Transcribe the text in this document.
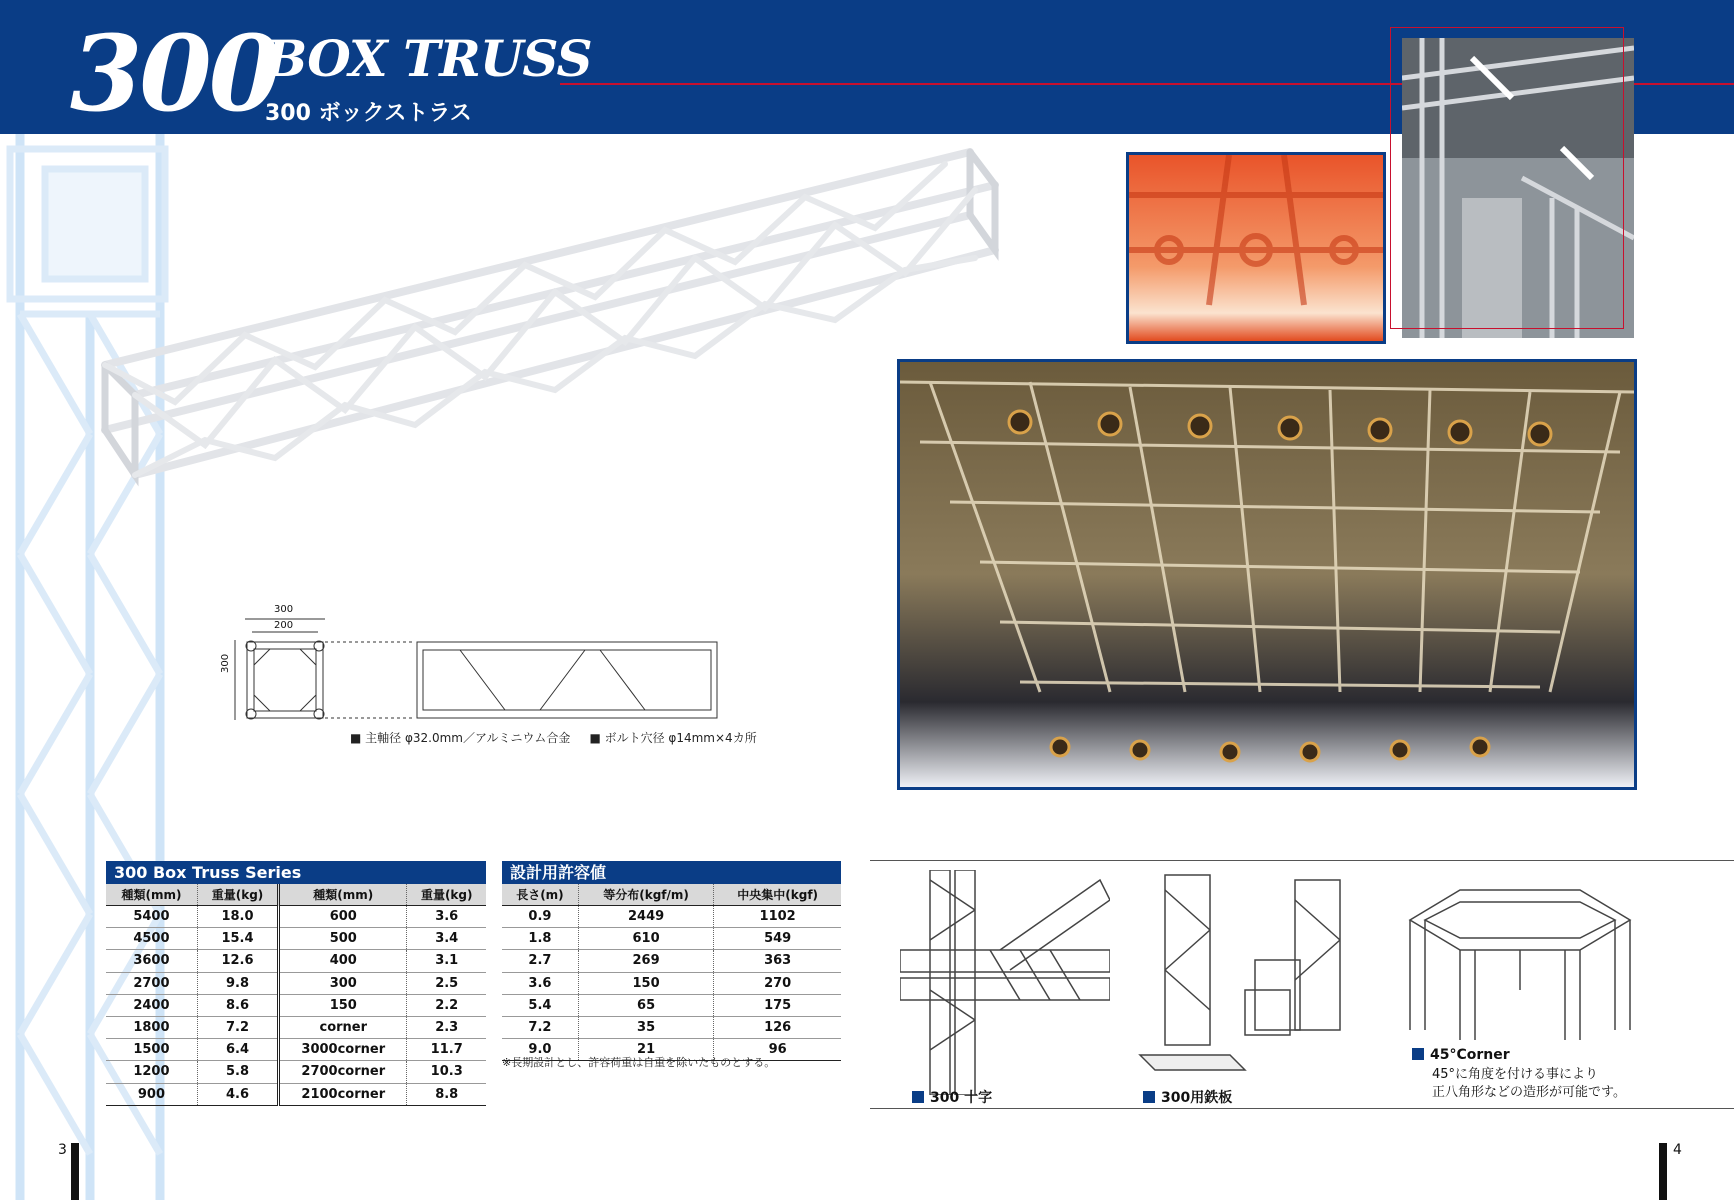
300
BOX TRUSS
300 ボックストラス
300
200
300
■ 主軸径 φ32.0mm／アルミニウム合金 ■ ボルト穴径 φ14mm×4カ所
300 Box Truss Series
種類(mm)	重量(kg)	種類(mm)	重量(kg)
5400	18.0	600	3.6
4500	15.4	500	3.4
3600	12.6	400	3.1
2700	9.8	300	2.5
2400	8.6	150	2.2
1800	7.2	corner	2.3
1500	6.4	3000corner	11.7
1200	5.8	2700corner	10.3
900	4.6	2100corner	8.8
設計用許容値
長さ(m)	等分布(kgf/m)	中央集中(kgf)
0.9	2449	1102
1.8	610	549
2.7	269	363
3.6	150	270
5.4	65	175
7.2	35	126
9.0	21	96
※長期設計とし、許容荷重は自重を除いたものとする。
300 十字	300用鉄板
45°Corner
45°に角度を付ける事により
正八角形などの造形が可能です。
3	4
